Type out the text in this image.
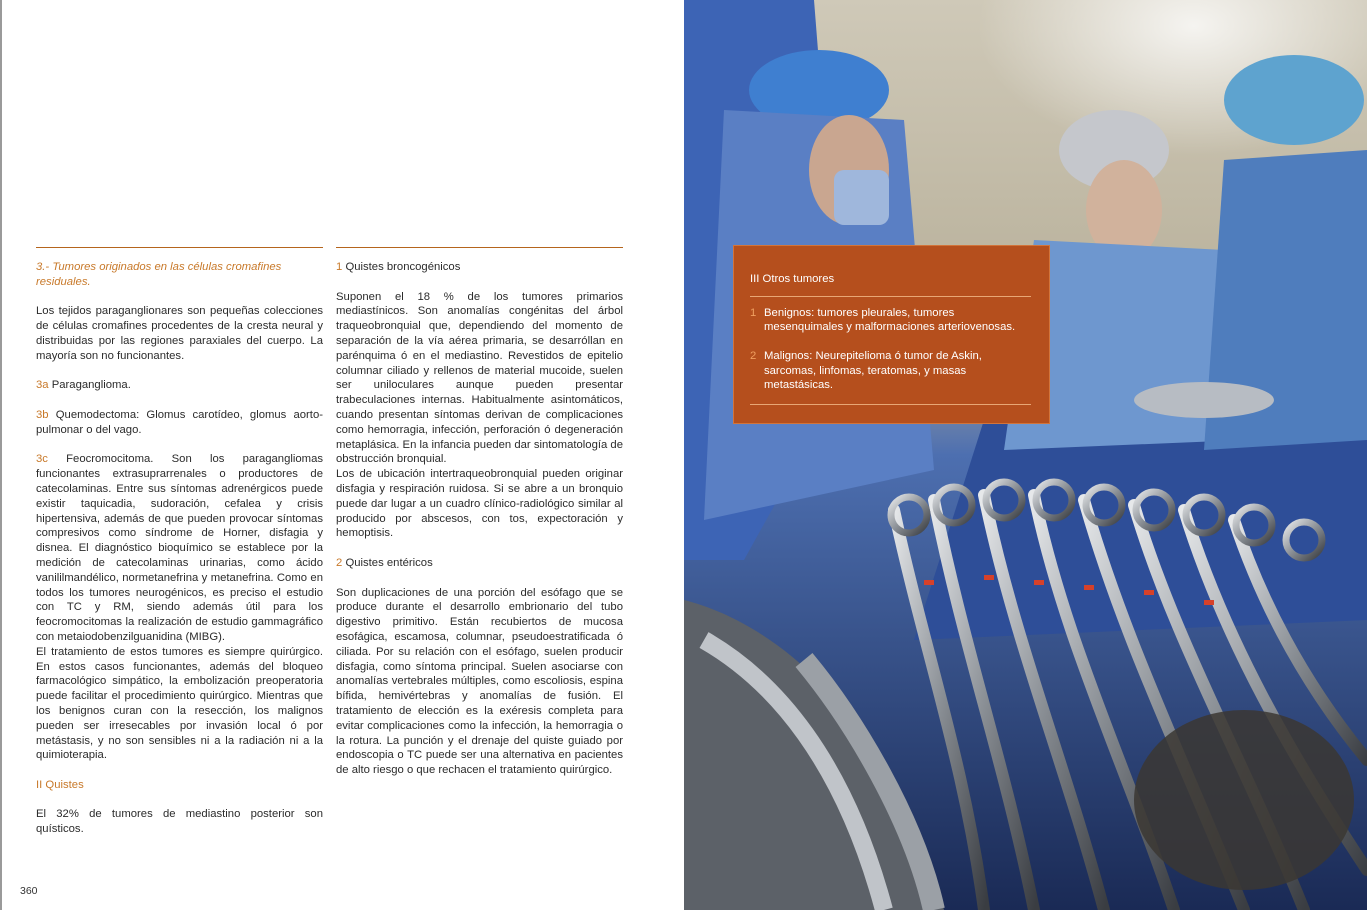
3.- Tumores originados en las células cromafines residuales.
Los tejidos paraganglionares son pequeñas colecciones de células cromafines procedentes de la cresta neural y distribuidas por las regiones paraxiales del cuerpo. La mayoría son no funcionantes.
3a Paraganglioma.
3b Quemodectoma: Glomus carotídeo, glomus aorto-pulmonar o del vago.
3c Feocromocitoma. Son los paragangliomas funcionantes extrasuprarrenales o productores de catecolaminas. Entre sus síntomas adrenérgicos puede existir taquicadia, sudoración, cefalea y crisis hipertensiva, además de que pueden provocar síntomas compresivos como síndrome de Horner, disfagia y disnea. El diagnóstico bioquímico se establece por la medición de catecolaminas urinarias, como ácido vanililmandélico, normetanefrina y metanefrina. Como en todos los tumores neurogénicos, es preciso el estudio con TC y RM, siendo además útil para los feocromocitomas la realización de estudio gammagráfico con metaiodobenzilguanidina (MIBG).
El tratamiento de estos tumores es siempre quirúrgico. En estos casos funcionantes, además del bloqueo farmacológico simpático, la embolización preoperatoria puede facilitar el procedimiento quirúrgico. Mientras que los benignos curan con la resección, los malignos pueden ser irresecables por invasión local ó por metástasis, y no son sensibles ni a la radiación ni a la quimioterapia.
II Quistes
El 32% de tumores de mediastino posterior son quísticos.
1 Quistes broncogénicos
Suponen el 18 % de los tumores primarios mediastínicos. Son anomalías congénitas del árbol traqueobronquial que, dependiendo del momento de separación de la vía aérea primaria, se desarróllan en parénquima ó en el mediastino. Revestidos de epitelio columnar ciliado y rellenos de material mucoide, suelen ser uniloculares aunque pueden presentar trabeculaciones internas. Habitualmente asintomáticos, cuando presentan síntomas derivan de complicaciones como hemorragia, infección, perforación ó degeneración metaplásica. En la infancia pueden dar sintomatología de obstrucción bronquial.
Los de ubicación intertraqueobronquial pueden originar disfagia y respiración ruidosa. Si se abre a un bronquio puede dar lugar a un cuadro clínico-radiológico similar al producido por abscesos, con tos, expectoración y hemoptisis.
2 Quistes entéricos
Son duplicaciones de una porción del esófago que se produce durante el desarrollo embrionario del tubo digestivo primitivo. Están recubiertos de mucosa esofágica, escamosa, columnar, pseudoestratificada ó ciliada. Por su relación con el esófago, suelen producir disfagia, como síntoma principal. Suelen asociarse con anomalías vertebrales múltiples, como escoliosis, espina bífida, hemivértebras y anomalías de fusión. El tratamiento de elección es la exéresis completa para evitar complicaciones como la infección, la hemorragia o la rotura. La punción y el drenaje del quiste guiado por endoscopia o TC puede ser una alternativa en pacientes de alto riesgo o que rechacen el tratamiento quirúrgico.
360
III Otros tumores
1 Benignos: tumores pleurales, tumores mesenquimales y malformaciones arteriovenosas.
2 Malignos: Neurepitelioma ó tumor de Askin, sarcomas, linfomas, teratomas, y masas metastásicas.
